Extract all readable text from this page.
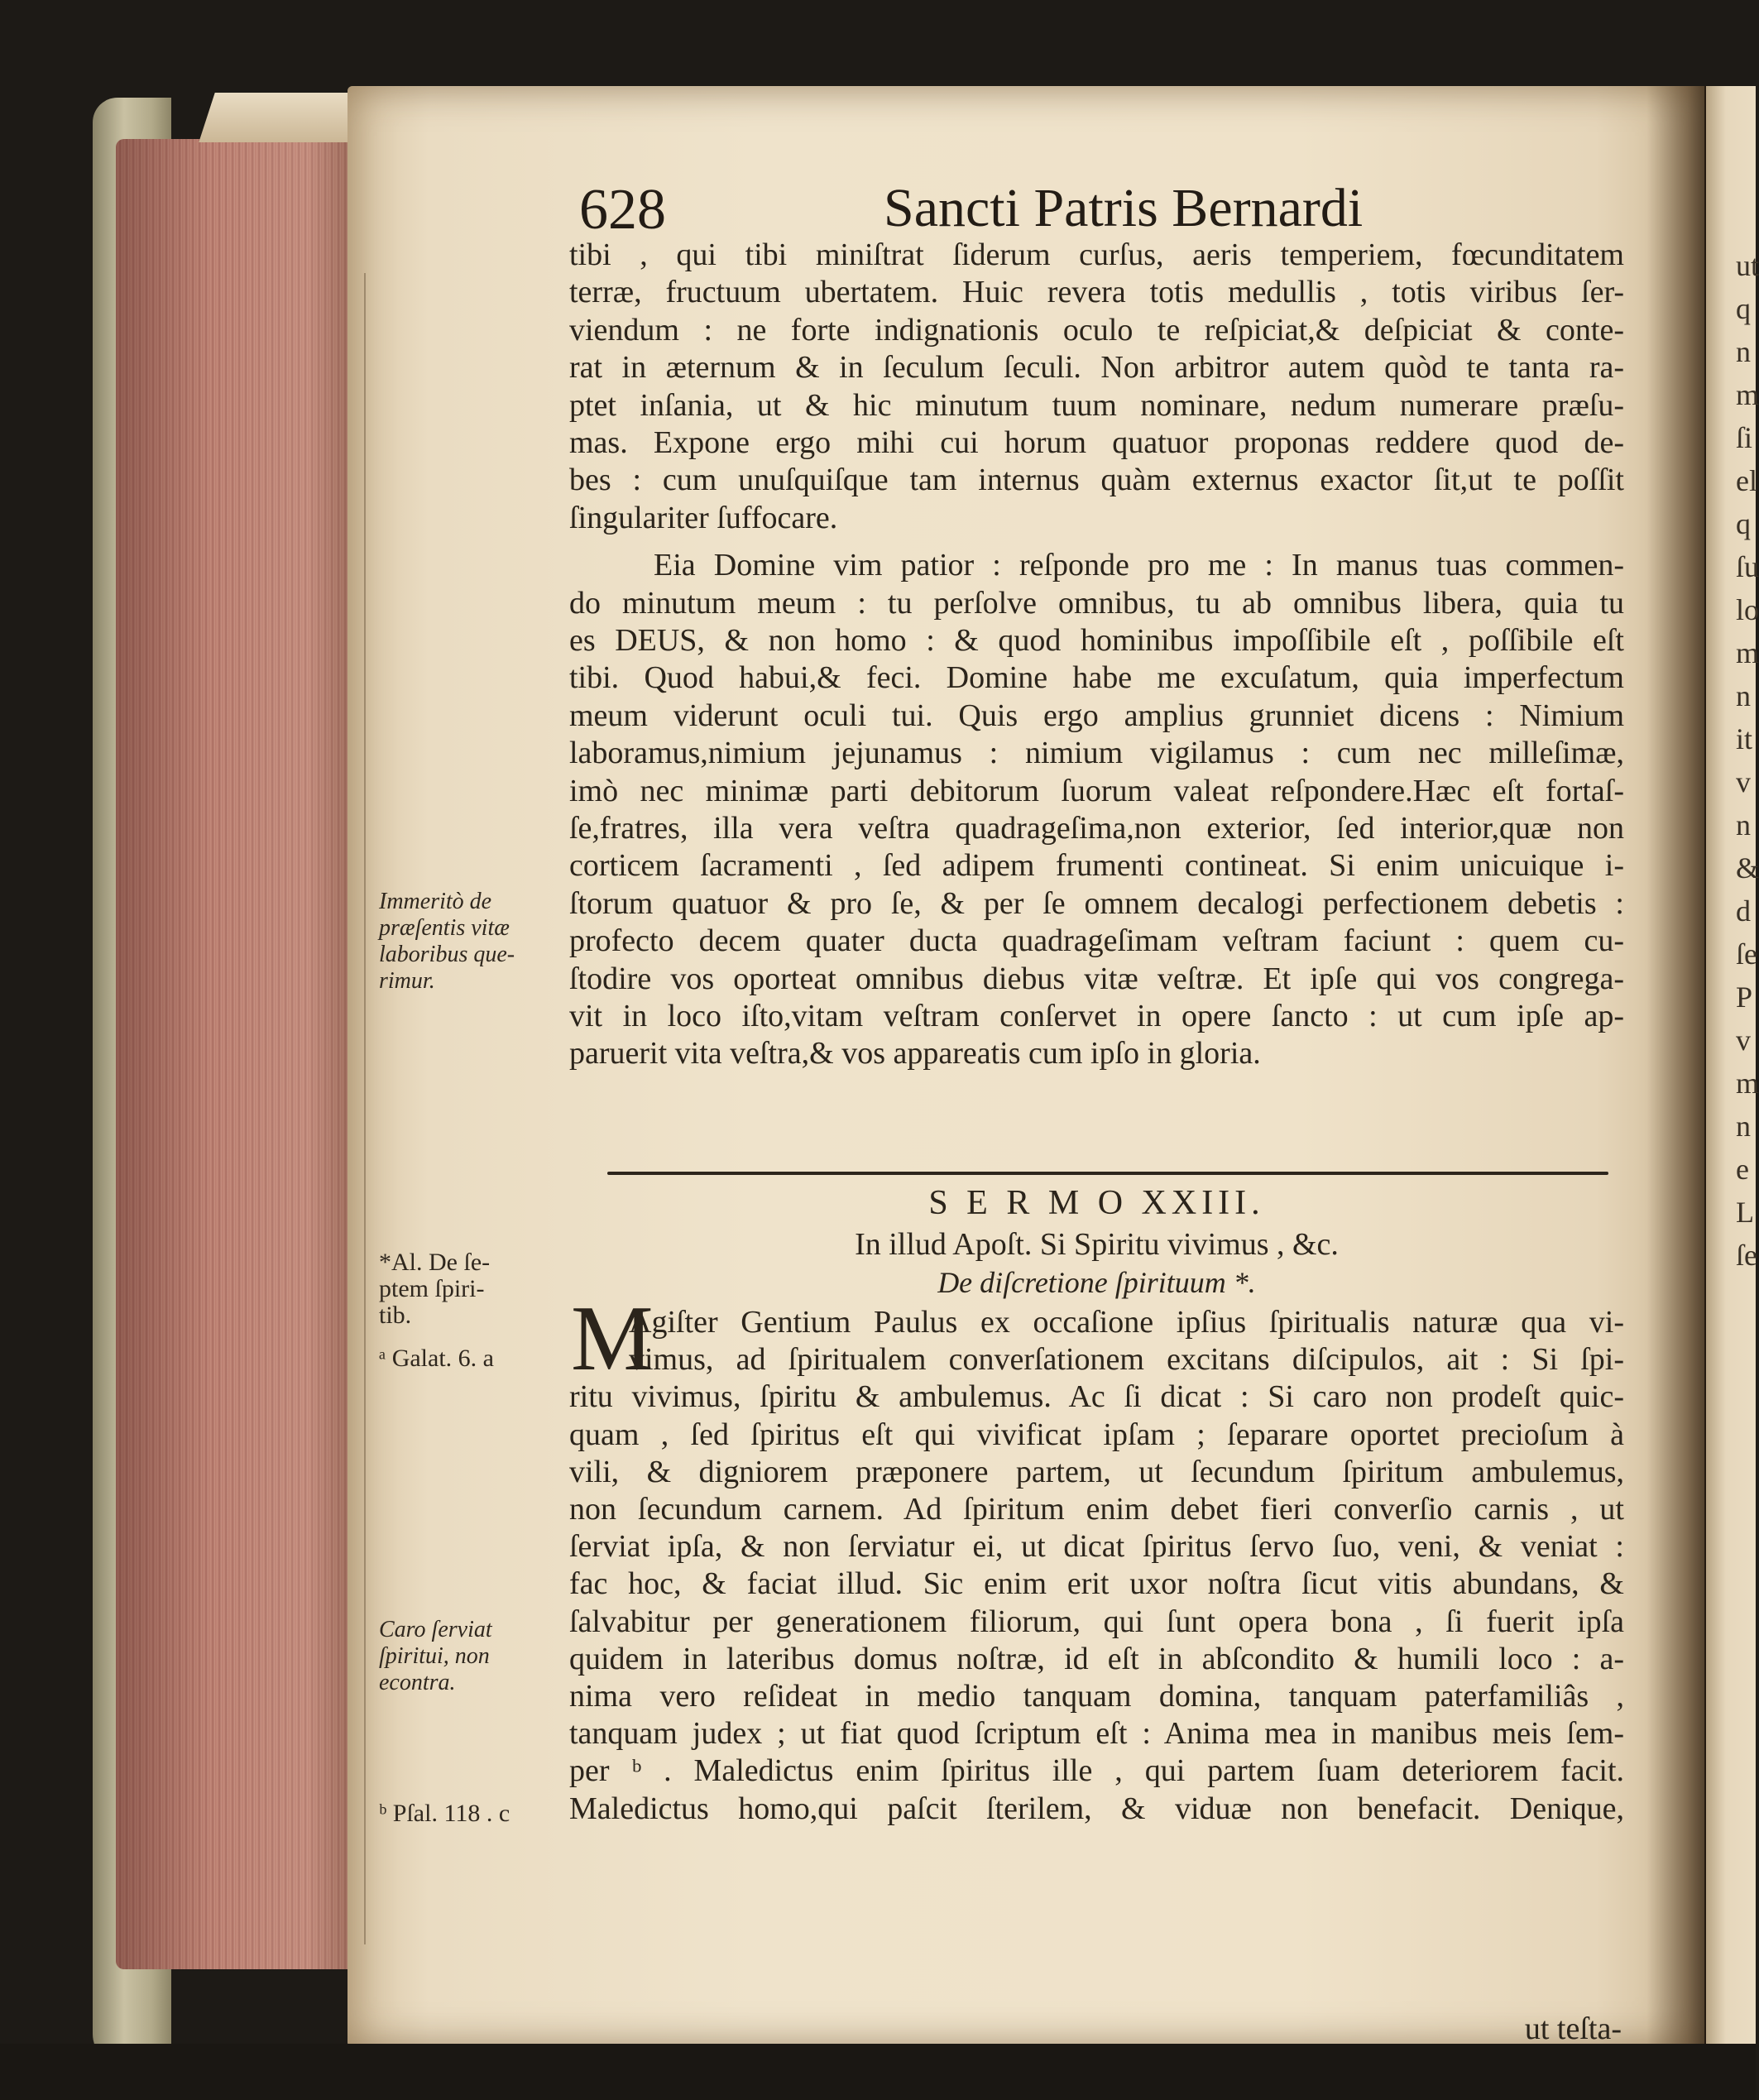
628	Sancti Patris Bernardi
tibi , qui tibi miniſtrat ſiderum curſus, aeris temperiem, fœcunditatem
terræ, fructuum ubertatem. Huic revera totis medullis , totis viribus ſer-
viendum : ne forte indignationis oculo te reſpiciat,& deſpiciat & conte-
rat in æternum & in ſeculum ſeculi. Non arbitror autem quòd te tanta ra-
ptet inſania, ut & hic minutum tuum nominare, nedum numerare præſu-
mas. Expone ergo mihi cui horum quatuor proponas reddere quod de-
bes : cum unuſquiſque tam internus quàm externus exactor ſit,ut te poſſit
ſingulariter ſuffocare.
Eia Domine vim patior : reſponde pro me : In manus tuas commen-
do minutum meum : tu perſolve omnibus, tu ab omnibus libera, quia tu
es DEUS, & non homo : & quod hominibus impoſſibile eſt , poſſibile eſt
tibi. Quod habui,& feci. Domine habe me excuſatum, quia imperfectum
meum viderunt oculi tui. Quis ergo amplius grunniet dicens : Nimium
laboramus,nimium jejunamus : nimium vigilamus : cum nec milleſimæ,
imò nec minimæ parti debitorum ſuorum valeat reſpondere.Hæc eſt fortaſ-
ſe,fratres, illa vera veſtra quadrageſima,non exterior, ſed interior,quæ non
corticem ſacramenti , ſed adipem frumenti contineat. Si enim unicuique i-
ſtorum quatuor & pro ſe, & per ſe omnem decalogi perfectionem debetis :
profecto decem quater ducta quadrageſimam veſtram faciunt : quem cu-
ſtodire vos oporteat omnibus diebus vitæ veſtræ. Et ipſe qui vos congrega-
vit in loco iſto,vitam veſtram conſervet in opere ſancto : ut cum ipſe ap-
paruerit vita veſtra,& vos appareatis cum ipſo in gloria.
S E R M O XXIII.
In illud Apoſt. Si Spiritu vivimus , &c.
De diſcretione ſpirituum *.
M
Agiſter Gentium Paulus ex occaſione ipſius ſpiritualis naturæ qua vi-
vimus, ad ſpiritualem converſationem excitans diſcipulos, ait : Si ſpi-
ritu vivimus, ſpiritu & ambulemus. Ac ſi dicat : Si caro non prodeſt quic-
quam , ſed ſpiritus eſt qui vivificat ipſam ; ſeparare oportet precioſum à
vili, & digniorem præponere partem, ut ſecundum ſpiritum ambulemus,
non ſecundum carnem. Ad ſpiritum enim debet fieri converſio carnis , ut
ſerviat ipſa, & non ſerviatur ei, ut dicat ſpiritus ſervo ſuo, veni, & veniat :
fac hoc, & faciat illud. Sic enim erit uxor noſtra ſicut vitis abundans, &
ſalvabitur per generationem filiorum, qui ſunt opera bona , ſi fuerit ipſa
quidem in lateribus domus noſtræ, id eſt in abſcondito & humili loco : a-
nima vero reſideat in medio tanquam domina, tanquam paterfamiliâs ,
tanquam judex ; ut fiat quod ſcriptum eſt : Anima mea in manibus meis ſem-
per ᵇ . Maledictus enim ſpiritus ille , qui partem ſuam deteriorem facit.
Maledictus homo,qui paſcit ſterilem, & viduæ non benefacit. Denique,
ut teſta-
Immeritò de
præſentis vitæ
laboribus que-
rimur.
*Al. De ſe-
ptem ſpiri-
tib.
ᵃ Galat. 6. a
Caro ſerviat
ſpiritui, non
econtra.
ᵇ Pſal. 118 . c
ut
q
n
m
ſi
el
q
ſu
lo
m
n
it
v
n
&
d
ſe
P
v
m
n
e
L
ſe
